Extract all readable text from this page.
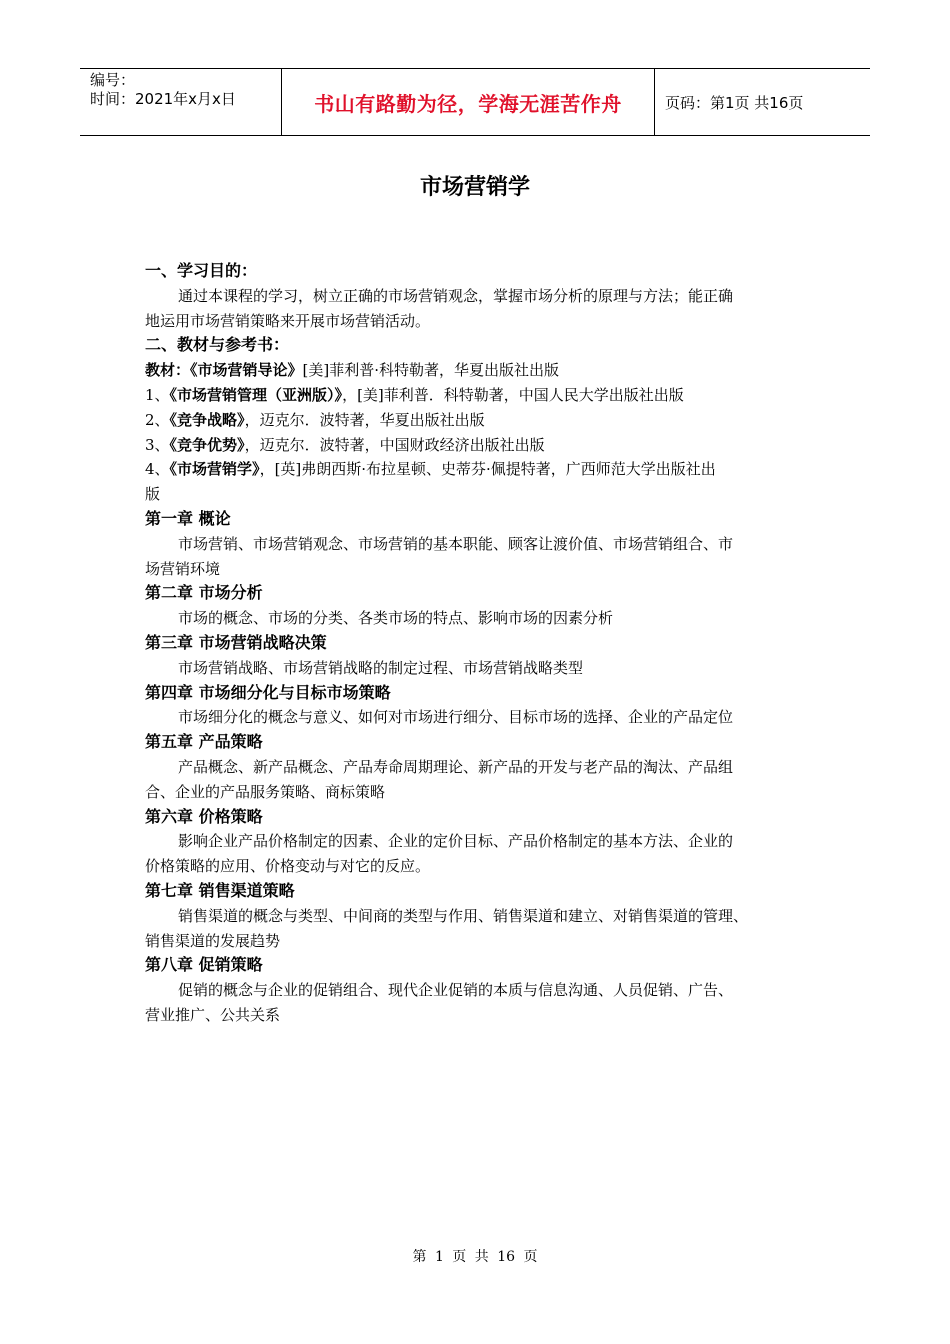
编号：
时间：2021年x月x日	书山有路勤为径，学海无涯苦作舟	页码：第1页 共16页
市场营销学
一、学习目的：
通过本课程的学习，树立正确的市场营销观念，掌握市场分析的原理与方法；能正确
地运用市场营销策略来开展市场营销活动。
二、教材与参考书：
教材：《市场营销导论》[美]菲利普·科特勒著，华夏出版社出版
1、《市场营销管理（亚洲版）》，[美]菲利普．科特勒著，中国人民大学出版社出版
2、《竞争战略》，迈克尔．波特著，华夏出版社出版
3、《竞争优势》，迈克尔．波特著，中国财政经济出版社出版
4、《市场营销学》，[英]弗朗西斯·布拉星顿、史蒂芬·佩提特著，广西师范大学出版社出
版
第一章 概论
市场营销、市场营销观念、市场营销的基本职能、顾客让渡价值、市场营销组合、市
场营销环境
第二章 市场分析
市场的概念、市场的分类、各类市场的特点、影响市场的因素分析
第三章 市场营销战略决策
市场营销战略、市场营销战略的制定过程、市场营销战略类型
第四章 市场细分化与目标市场策略
市场细分化的概念与意义、如何对市场进行细分、目标市场的选择、企业的产品定位
第五章 产品策略
产品概念、新产品概念、产品寿命周期理论、新产品的开发与老产品的淘汰、产品组
合、企业的产品服务策略、商标策略
第六章 价格策略
影响企业产品价格制定的因素、企业的定价目标、产品价格制定的基本方法、企业的
价格策略的应用、价格变动与对它的反应。
第七章 销售渠道策略
销售渠道的概念与类型、中间商的类型与作用、销售渠道和建立、对销售渠道的管理、
销售渠道的发展趋势
第八章 促销策略
促销的概念与企业的促销组合、现代企业促销的本质与信息沟通、人员促销、广告、
营业推广、公共关系
第 1 页 共 16 页
